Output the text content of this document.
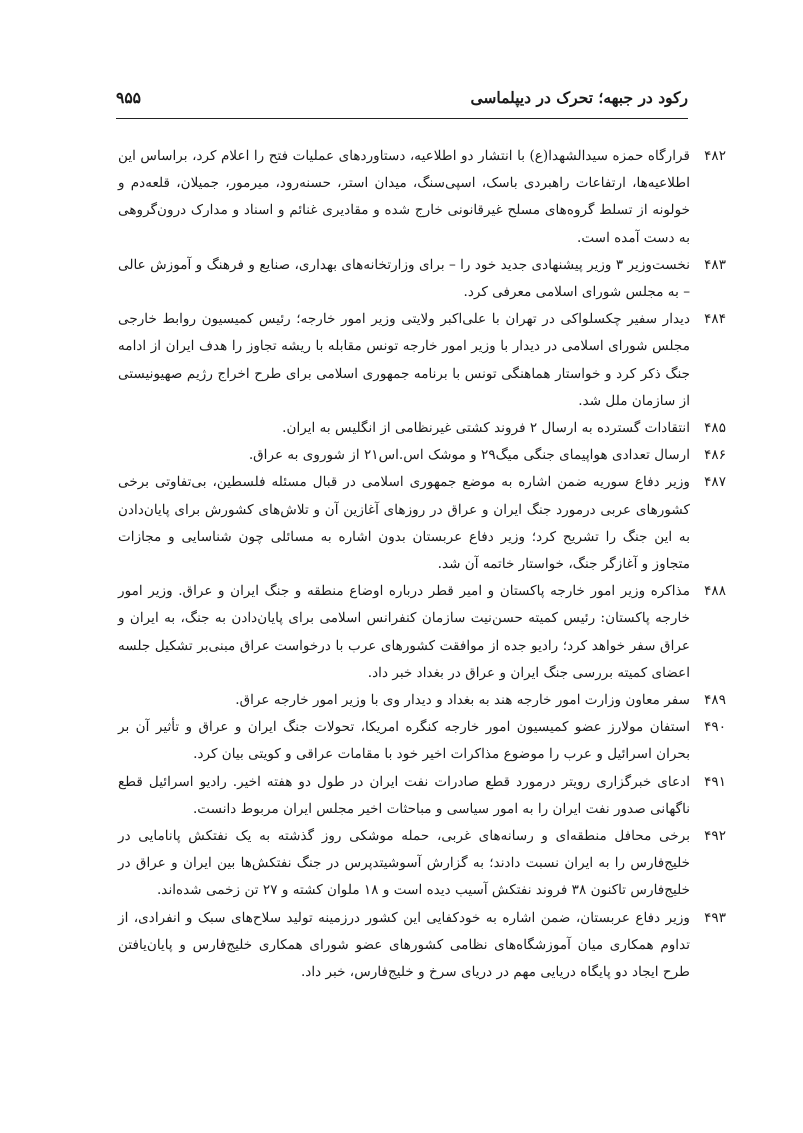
رکود در جبهه؛ تحرک در دیپلماسی
۹۵۵
۴۸۲
قرارگاه حمزه سیدالشهدا(ع) با انتشار دو اطلاعیه، دستاوردهای عملیات فتح را اعلام کرد، براساس این اطلاعیه‌ها، ارتفاعات راهبردی باسک، اسپی‌سنگ، میدان استر، حسنه‌رود، میرمور، جمیلان، قلعه‌دم و خولونه از تسلط گروه‌های مسلح غیرقانونی خارج شده و مقادیری غنائم و اسناد و مدارک درون‌گروهی به دست آمده است.
۴۸۳
نخست‌وزیر ۳ وزیر پیشنهادی جدید خود را – برای وزارتخانه‌های بهداری، صنایع و فرهنگ و آموزش عالی – به مجلس شورای اسلامی معرفی کرد.
۴۸۴
دیدار سفیر چکسلواکی در تهران با علی‌اکبر ولایتی وزیر امور خارجه؛ رئیس کمیسیون روابط خارجی مجلس شورای اسلامی در دیدار با وزیر امور خارجه تونس مقابله با ریشه تجاوز را هدف ایران از ادامه جنگ ذکر کرد و خواستار هماهنگی تونس با برنامه جمهوری اسلامی برای طرح اخراج رژیم صهیونیستی از سازمان ملل شد.
۴۸۵
انتقادات گسترده به ارسال ۲ فروند کشتی غیرنظامی از انگلیس به ایران.
۴۸۶
ارسال تعدادی هواپیمای جنگی میگ۲۹ و موشک اس.اس۲۱ از شوروی به عراق.
۴۸۷
وزیر دفاع سوریه ضمن اشاره به موضع جمهوری اسلامی در قبال مسئله فلسطین، بی‌تفاوتی برخی کشورهای عربی درمورد جنگ ایران و عراق در روزهای آغازین آن و تلاش‌های کشورش برای پایان‌دادن به این جنگ را تشریح کرد؛ وزیر دفاع عربستان بدون اشاره به مسائلی چون شناسایی و مجازات متجاوز و آغازگر جنگ، خواستار خاتمه آن شد.
۴۸۸
مذاکره وزیر امور خارجه پاکستان و امیر قطر درباره اوضاع منطقه و جنگ ایران و عراق. وزیر امور خارجه پاکستان: رئیس کمیته حسن‌نیت سازمان کنفرانس اسلامی برای پایان‌دادن به جنگ، به ایران و عراق سفر خواهد کرد؛ رادیو جده از موافقت کشورهای عرب با درخواست عراق مبنی‌بر تشکیل جلسه اعضای کمیته بررسی جنگ ایران و عراق در بغداد خبر داد.
۴۸۹
سفر معاون وزارت امور خارجه هند به بغداد و دیدار وی با وزیر امور خارجه عراق.
۴۹۰
استفان مولارز عضو کمیسیون امور خارجه کنگره امریکا، تحولات جنگ ایران و عراق و تأثیر آن بر بحران اسرائیل و عرب را موضوع مذاکرات اخیر خود با مقامات عراقی و کویتی بیان کرد.
۴۹۱
ادعای خبرگزاری رویتر درمورد قطع صادرات نفت ایران در طول دو هفته اخیر. رادیو اسرائیل قطع ناگهانی صدور نفت ایران را به امور سیاسی و مباحثات اخیر مجلس ایران مربوط دانست.
۴۹۲
برخی محافل منطقه‌ای و رسانه‌های غربی، حمله موشکی روز گذشته به یک نفتکش پانامایی در خلیج‌فارس را به ایران نسبت دادند؛ به گزارش آسوشیتدپرس در جنگ نفتکش‌ها بین ایران و عراق در خلیج‌فارس تاکنون ۳۸ فروند نفتکش آسیب دیده است و ۱۸ ملوان کشته و ۲۷ تن زخمی شده‌اند.
۴۹۳
وزیر دفاع عربستان، ضمن اشاره به خودکفایی این کشور درزمینه تولید سلاح‌های سبک و انفرادی، از تداوم همکاری میان آموزشگاه‌های نظامی کشورهای عضو شورای همکاری خلیج‌فارس و پایان‌یافتن طرح ایجاد دو پایگاه دریایی مهم در دریای سرخ و خلیج‌فارس، خبر داد.
